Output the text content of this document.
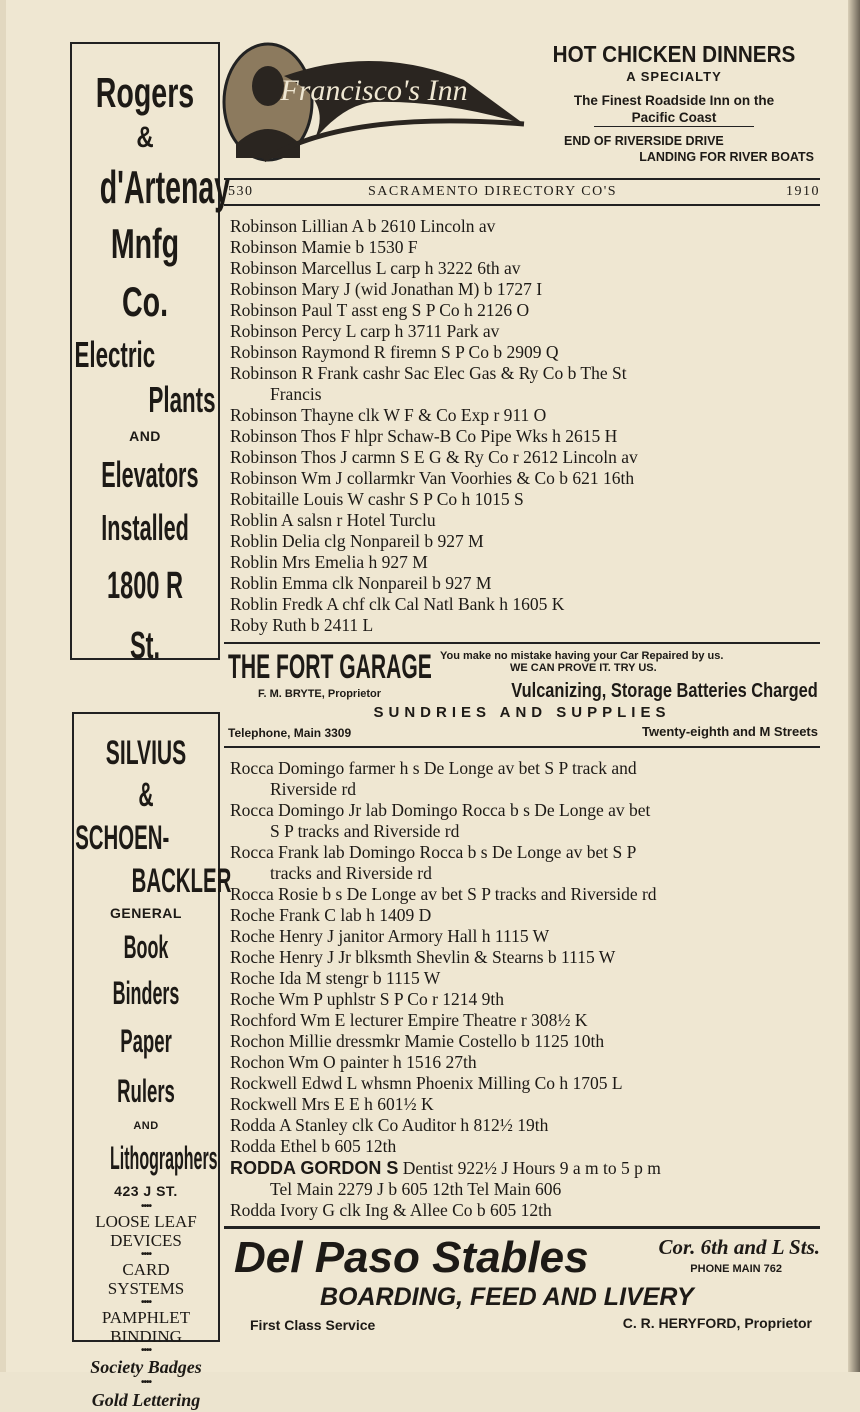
Rogers
&
d'Artenay
Mnfg
Co.
Electric
Plants
AND
Elevators
Installed
1800 R St.
SILVIUS &
SCHOEN-
BACKLER
GENERAL
Book Binders
Paper Rulers
AND
Lithographers
423 J ST.
••••
LOOSE LEAF
DEVICES
••••
CARD
SYSTEMS
••••
PAMPHLET
BINDING
••••
Society Badges
••••
Gold Lettering
Francisco's Inn
HOT CHICKEN DINNERS
A SPECIALTY
The Finest Roadside Inn on the
Pacific Coast
END OF RIVERSIDE DRIVE
LANDING FOR RIVER BOATS
530	SACRAMENTO DIRECTORY CO'S	1910
Robinson Lillian A b 2610 Lincoln av
Robinson Mamie b 1530 F
Robinson Marcellus L carp h 3222 6th av
Robinson Mary J (wid Jonathan M) b 1727 I
Robinson Paul T asst eng S P Co h 2126 O
Robinson Percy L carp h 3711 Park av
Robinson Raymond R firemn S P Co b 2909 Q
Robinson R Frank cashr Sac Elec Gas & Ry Co b The St
Francis
Robinson Thayne clk W F & Co Exp r 911 O
Robinson Thos F hlpr Schaw-B Co Pipe Wks h 2615 H
Robinson Thos J carmn S E G & Ry Co r 2612 Lincoln av
Robinson Wm J collarmkr Van Voorhies & Co b 621 16th
Robitaille Louis W cashr S P Co h 1015 S
Roblin A salsn r Hotel Turclu
Roblin Delia clg Nonpareil b 927 M
Roblin Mrs Emelia h 927 M
Roblin Emma clk Nonpareil b 927 M
Roblin Fredk A chf clk Cal Natl Bank h 1605 K
Roby Ruth b 2411 L
THE FORT GARAGE You make no mistake having your Car Repaired by us.
WE CAN PROVE IT. TRY US.
F. M. BRYTE, Proprietor	Vulcanizing, Storage Batteries Charged
SUNDRIES AND SUPPLIES
Telephone, Main 3309	Twenty-eighth and M Streets
Rocca Domingo farmer h s De Longe av bet S P track and
Riverside rd
Rocca Domingo Jr lab Domingo Rocca b s De Longe av bet
S P tracks and Riverside rd
Rocca Frank lab Domingo Rocca b s De Longe av bet S P
tracks and Riverside rd
Rocca Rosie b s De Longe av bet S P tracks and Riverside rd
Roche Frank C lab h 1409 D
Roche Henry J janitor Armory Hall h 1115 W
Roche Henry J Jr blksmth Shevlin & Stearns b 1115 W
Roche Ida M stengr b 1115 W
Roche Wm P uphlstr S P Co r 1214 9th
Rochford Wm E lecturer Empire Theatre r 308½ K
Rochon Millie dressmkr Mamie Costello b 1125 10th
Rochon Wm O painter h 1516 27th
Rockwell Edwd L whsmn Phoenix Milling Co h 1705 L
Rockwell Mrs E E h 601½ K
Rodda A Stanley clk Co Auditor h 812½ 19th
Rodda Ethel b 605 12th
RODDA GORDON S Dentist 922½ J Hours 9 a m to 5 p m
Tel Main 2279 J b 605 12th Tel Main 606
Rodda Ivory G clk Ing & Allee Co b 605 12th
Del Paso Stables	Cor. 6th and L Sts.
PHONE MAIN 762
BOARDING, FEED AND LIVERY
First Class Service	C. R. HERYFORD, Proprietor
